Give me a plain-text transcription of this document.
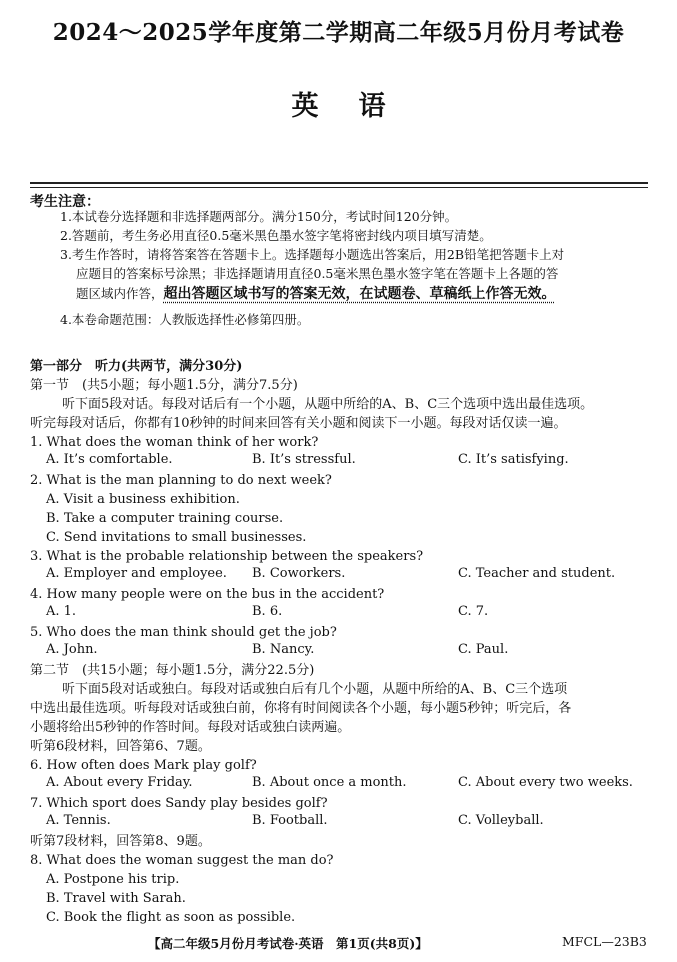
2024～2025学年度第二学期高二年级5月份月考试卷
英语
考生注意：
1.本试卷分选择题和非选择题两部分。满分150分，考试时间120分钟。
2.答题前，考生务必用直径0.5毫米黑色墨水签字笔将密封线内项目填写清楚。
3.考生作答时，请将答案答在答题卡上。选择题每小题选出答案后，用2B铅笔把答题卡上对
应题目的答案标号涂黑；非选择题请用直径0.5毫米黑色墨水签字笔在答题卡上各题的答
题区域内作答，超出答题区域书写的答案无效，在试题卷、草稿纸上作答无效。
4.本卷命题范围：人教版选择性必修第四册。
第一部分　听力(共两节，满分30分)
第一节　(共5小题；每小题1.5分，满分7.5分)
听下面5段对话。每段对话后有一个小题，从题中所给的A、B、C三个选项中选出最佳选项。
听完每段对话后，你都有10秒钟的时间来回答有关小题和阅读下一小题。每段对话仅读一遍。
1. What does the woman think of her work?
A. It’s comfortable.	B. It’s stressful.	C. It’s satisfying.
2. What is the man planning to do next week?
A. Visit a business exhibition.
B. Take a computer training course.
C. Send invitations to small businesses.
3. What is the probable relationship between the speakers?
A. Employer and employee. B. Coworkers.	C. Teacher and student.
4. How many people were on the bus in the accident?
A. 1.	B. 6.	C. 7.
5. Who does the man think should get the job?
A. John.	B. Nancy.	C. Paul.
第二节　(共15小题；每小题1.5分，满分22.5分)
听下面5段对话或独白。每段对话或独白后有几个小题，从题中所给的A、B、C三个选项
中选出最佳选项。听每段对话或独白前，你将有时间阅读各个小题，每小题5秒钟；听完后，各
小题将给出5秒钟的作答时间。每段对话或独白读两遍。
听第6段材料，回答第6、7题。
6. How often does Mark play golf?
A. About every Friday.	B. About once a month.	C. About every two weeks.
7. Which sport does Sandy play besides golf?
A. Tennis.	B. Football.	C. Volleyball.
听第7段材料，回答第8、9题。
8. What does the woman suggest the man do?
A. Postpone his trip.
B. Travel with Sarah.
C. Book the flight as soon as possible.
【高二年级5月份月考试卷·英语　第1页(共8页)】	MFCL—23B3
